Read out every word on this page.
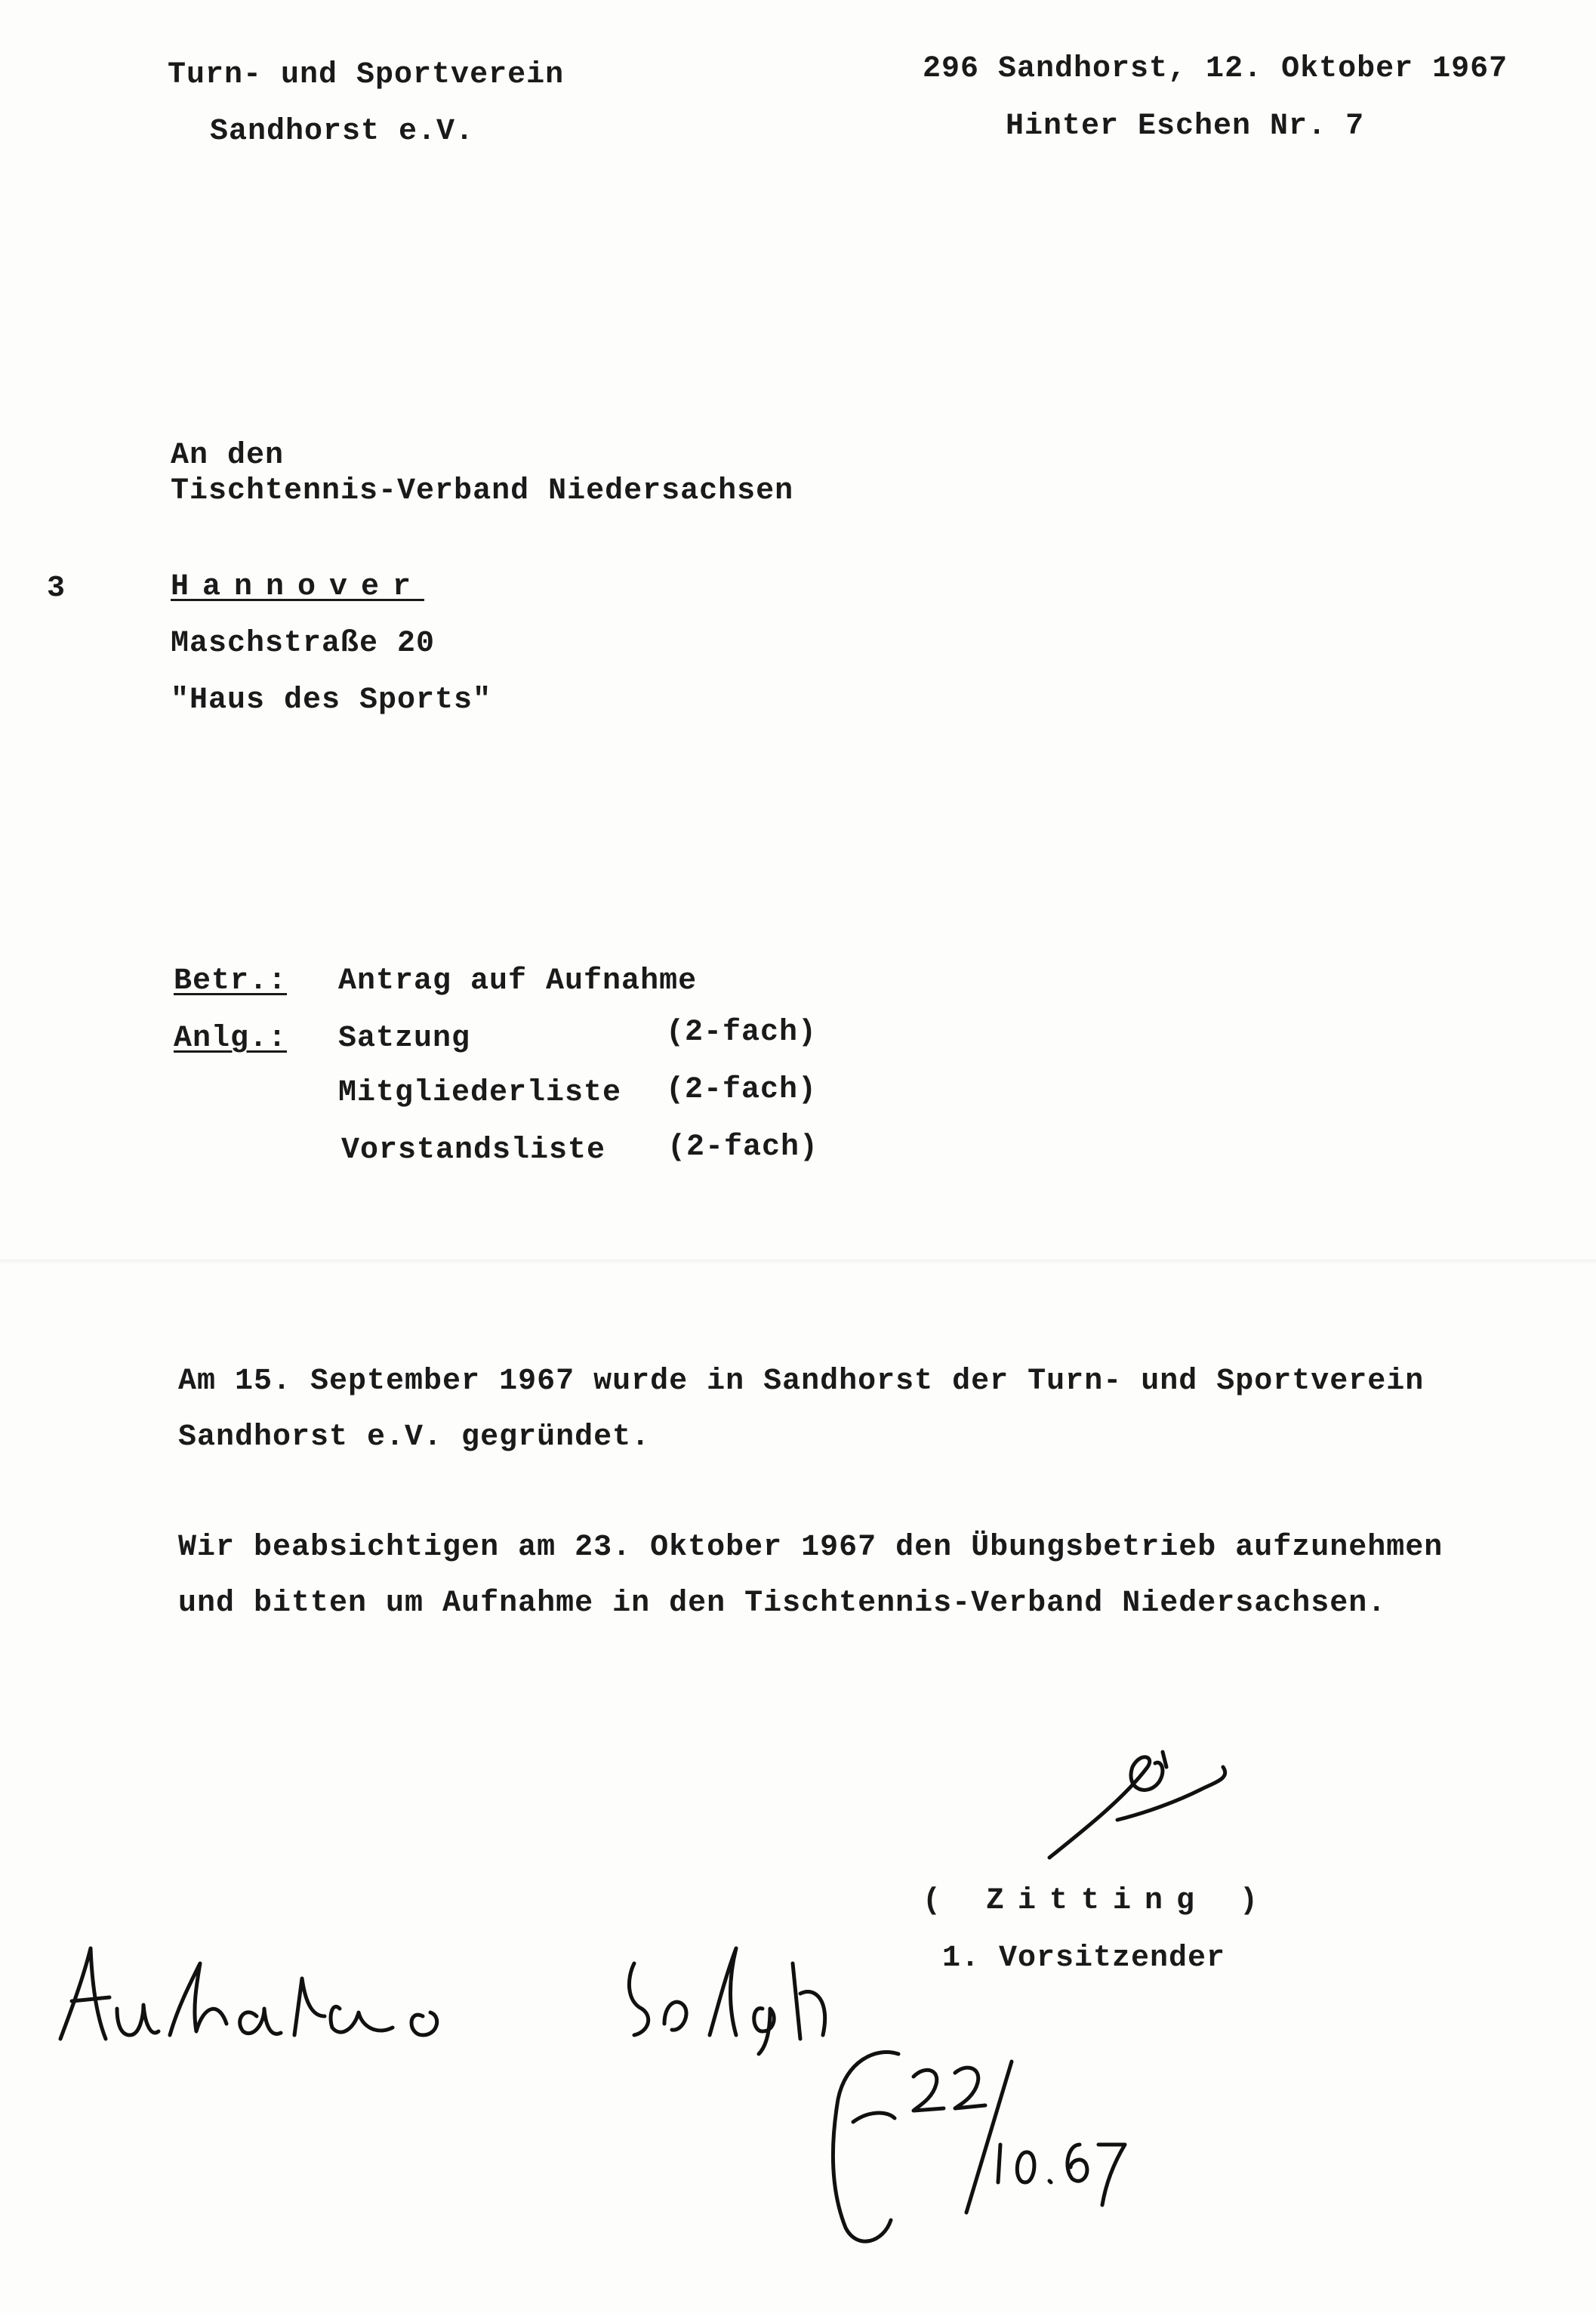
Turn- und Sportverein
Sandhorst e.V.
296 Sandhorst, 12. Oktober 1967
Hinter Eschen Nr. 7
An den
Tischtennis-Verband Niedersachsen
3	Hannover
Maschstraße 20
"Haus des Sports"
Betr.: Antrag auf Aufnahme
Anlg.: Satzung	(2-fach)
Mitgliederliste (2-fach)
Vorstandsliste (2-fach)
Am 15. September 1967 wurde in Sandhorst der Turn- und Sportverein
Sandhorst e.V. gegründet.
Wir beabsichtigen am 23. Oktober 1967 den Übungsbetrieb aufzunehmen
und bitten um Aufnahme in den Tischtennis-Verband Niedersachsen.
( Zitting )
1. Vorsitzender
